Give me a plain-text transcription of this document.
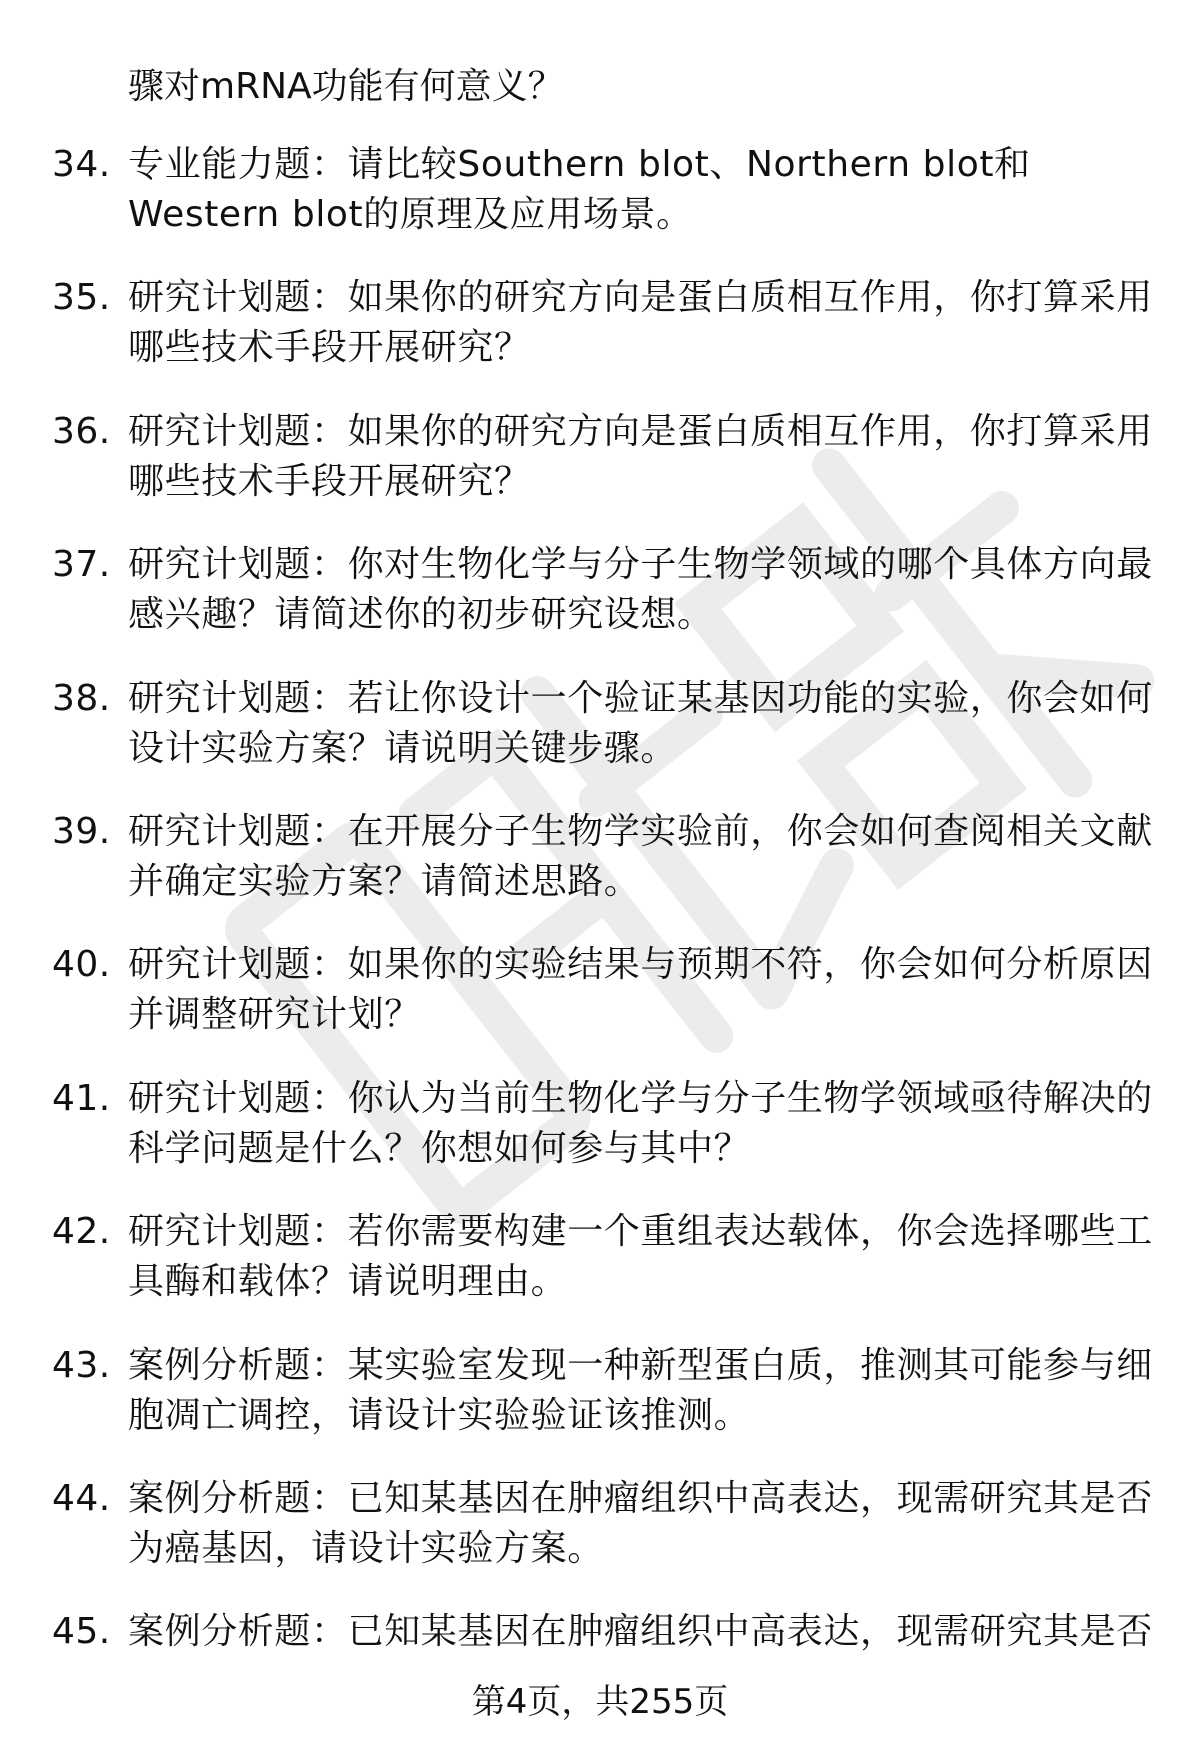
骤对mRNA功能有何意义？
34. 专业能力题：请比较Southern blot、Northern blot和Western blot的原理及应用场景。
35. 研究计划题：如果你的研究方向是蛋白质相互作用，你打算采用哪些技术手段开展研究？
36. 研究计划题：如果你的研究方向是蛋白质相互作用，你打算采用哪些技术手段开展研究？
37. 研究计划题：你对生物化学与分子生物学领域的哪个具体方向最感兴趣？请简述你的初步研究设想。
38. 研究计划题：若让你设计一个验证某基因功能的实验，你会如何设计实验方案？请说明关键步骤。
39. 研究计划题：在开展分子生物学实验前，你会如何查阅相关文献并确定实验方案？请简述思路。
40. 研究计划题：如果你的实验结果与预期不符，你会如何分析原因并调整研究计划？
41. 研究计划题：你认为当前生物化学与分子生物学领域亟待解决的科学问题是什么？你想如何参与其中？
42. 研究计划题：若你需要构建一个重组表达载体，你会选择哪些工具酶和载体？请说明理由。
43. 案例分析题：某实验室发现一种新型蛋白质，推测其可能参与细胞凋亡调控，请设计实验验证该推测。
44. 案例分析题：已知某基因在肿瘤组织中高表达，现需研究其是否为癌基因，请设计实验方案。
45. 案例分析题：已知某基因在肿瘤组织中高表达，现需研究其是否
第4页，共255页
